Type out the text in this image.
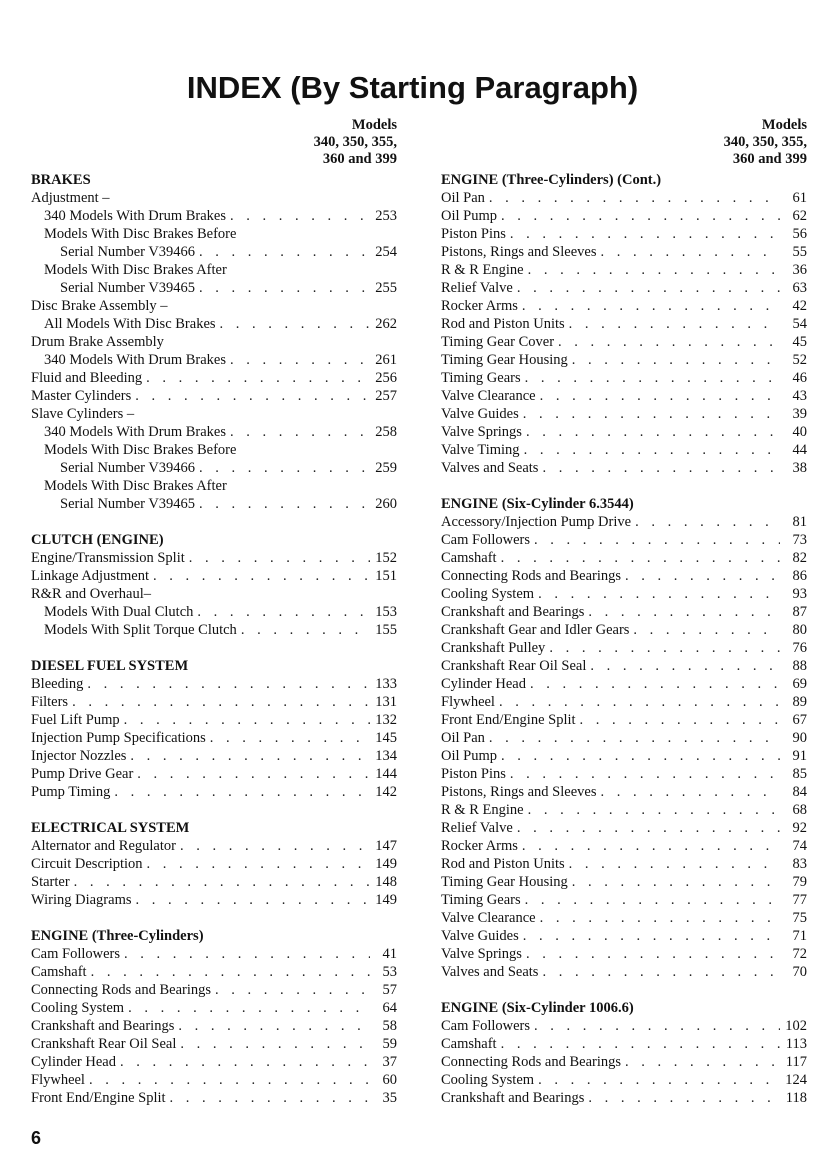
INDEX (By Starting Paragraph)
Models
340, 350, 355,
360 and 399
BRAKES
Adjustment –
340 Models With Drum Brakes . . .	253
Models With Disc Brakes Before
Serial Number V39466 . . .	254
Models With Disc Brakes After
Serial Number V39465 . . .	255
Disc Brake Assembly –
All Models With Disc Brakes . . .	262
Drum Brake Assembly
340 Models With Drum Brakes . . .	261
Fluid and Bleeding . . .	256
Master Cylinders . . .	257
Slave Cylinders –
340 Models With Drum Brakes . . .	258
Models With Disc Brakes Before
Serial Number V39466 . . .	259
Models With Disc Brakes After
Serial Number V39465 . . .	260
CLUTCH (ENGINE)
Engine/Transmission Split . . .	152
Linkage Adjustment . . .	151
R&R and Overhaul–
Models With Dual Clutch . . .	153
Models With Split Torque Clutch . . .	155
DIESEL FUEL SYSTEM
Bleeding . . .	133
Filters . . .	131
Fuel Lift Pump . . .	132
Injection Pump Specifications . . .	145
Injector Nozzles . . .	134
Pump Drive Gear . . .	144
Pump Timing . . .	142
ELECTRICAL SYSTEM
Alternator and Regulator . . .	147
Circuit Description . . .	149
Starter . . .	148
Wiring Diagrams . . .	149
ENGINE (Three-Cylinders)
Cam Followers . . .	41
Camshaft . . .	53
Connecting Rods and Bearings . . .	57
Cooling System . . .	64
Crankshaft and Bearings . . .	58
Crankshaft Rear Oil Seal . . .	59
Cylinder Head . . .	37
Flywheel . . .	60
Front End/Engine Split . . .	35
Models
340, 350, 355,
360 and 399
ENGINE (Three-Cylinders) (Cont.)
Oil Pan . . .	61
Oil Pump . . .	62
Piston Pins . . .	56
Pistons, Rings and Sleeves . . .	55
R & R Engine . . .	36
Relief Valve . . .	63
Rocker Arms . . .	42
Rod and Piston Units . . .	54
Timing Gear Cover . . .	45
Timing Gear Housing . . .	52
Timing Gears . . .	46
Valve Clearance . . .	43
Valve Guides . . .	39
Valve Springs . . .	40
Valve Timing . . .	44
Valves and Seats . . .	38
ENGINE (Six-Cylinder 6.3544)
Accessory/Injection Pump Drive . . .	81
Cam Followers . . .	73
Camshaft . . .	82
Connecting Rods and Bearings . . .	86
Cooling System . . .	93
Crankshaft and Bearings . . .	87
Crankshaft Gear and Idler Gears . . .	80
Crankshaft Pulley . . .	76
Crankshaft Rear Oil Seal . . .	88
Cylinder Head . . .	69
Flywheel . . .	89
Front End/Engine Split . . .	67
Oil Pan . . .	90
Oil Pump . . .	91
Piston Pins . . .	85
Pistons, Rings and Sleeves . . .	84
R & R Engine . . .	68
Relief Valve . . .	92
Rocker Arms . . .	74
Rod and Piston Units . . .	83
Timing Gear Housing . . .	79
Timing Gears . . .	77
Valve Clearance . . .	75
Valve Guides . . .	71
Valve Springs . . .	72
Valves and Seats . . .	70
ENGINE (Six-Cylinder 1006.6)
Cam Followers . . .	102
Camshaft . . .	113
Connecting Rods and Bearings . . .	117
Cooling System . . .	124
Crankshaft and Bearings . . .	118
6
